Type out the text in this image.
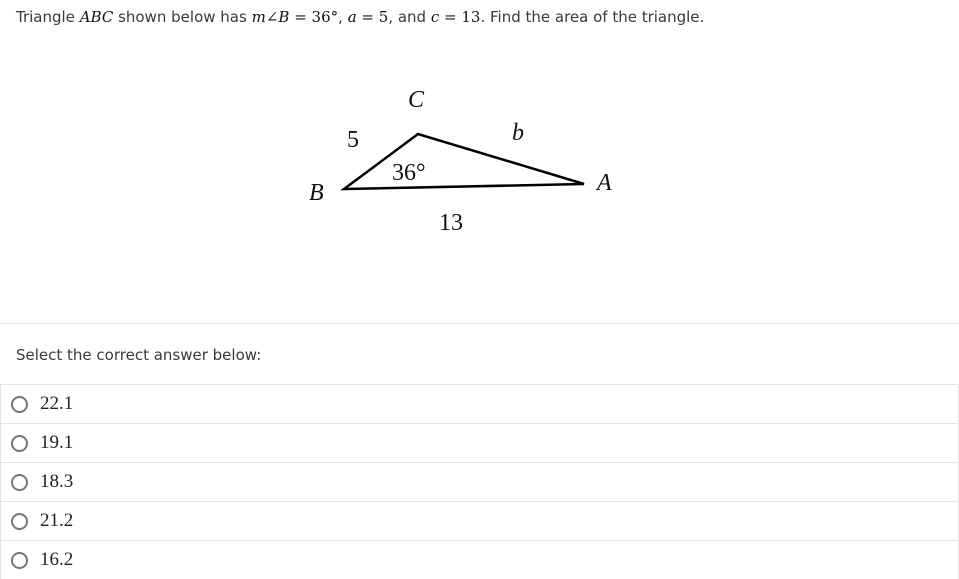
Triangle ABC shown below has m∠B = 36°, a = 5, and c = 13. Find the area of the triangle.
C
B	A
5	b
13
36°
Select the correct answer below:
22.1
19.1
18.3
21.2
16.2
